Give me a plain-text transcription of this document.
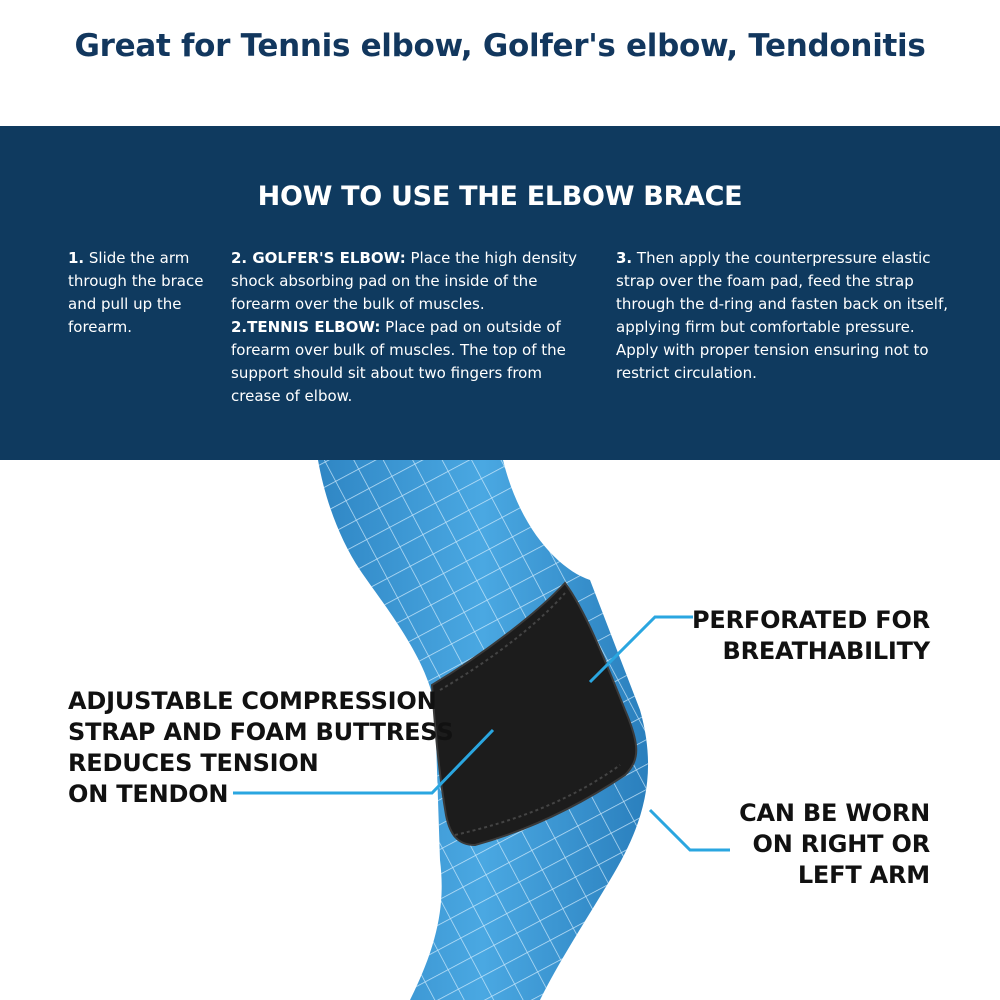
Great for Tennis elbow, Golfer's elbow, Tendonitis
HOW TO USE THE ELBOW BRACE

1. Slide the arm through the brace and pull up the forearm.

2. GOLFER'S ELBOW: Place the high density shock absorbing pad on the inside of the forearm over the bulk of muscles.

2.TENNIS ELBOW: Place pad on outside of forearm over bulk of muscles. The top of the support should sit about two fingers from crease of elbow.

3. Then apply the counterpressure elastic strap over the foam pad, feed the strap through the d-ring and fasten back on itself, applying firm but comfortable pressure. Apply with proper tension ensuring not to restrict circulation.

PERFORATED FOR

BREATHABILITY

ADJUSTABLE COMPRESSION

STRAP AND FOAM BUTTRESS

REDUCES TENSION

ON TENDON

CAN BE WORN

ON RIGHT OR

LEFT ARM
